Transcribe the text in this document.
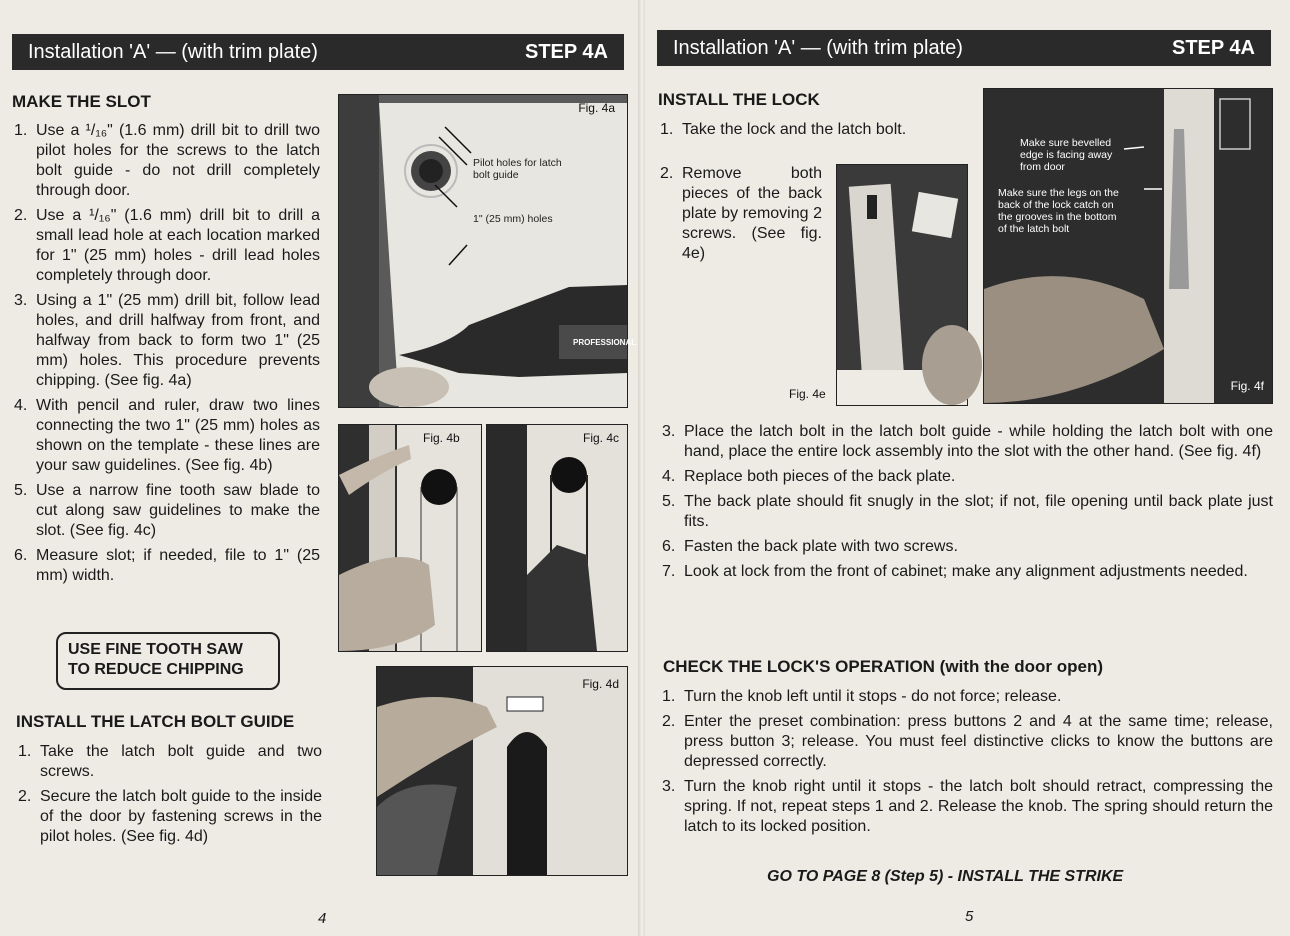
Installation 'A' — (with trim plate)	STEP 4A
MAKE THE SLOT
1. Use a ¹/₁₆" (1.6 mm) drill bit to drill two pilot holes for the screws to the latch bolt guide - do not drill completely through door.
2. Use a ¹/₁₆" (1.6 mm) drill bit to drill a small lead hole at each location marked for 1" (25 mm) holes - drill lead holes completely through door.
3. Using a 1" (25 mm) drill bit, follow lead holes, and drill halfway from front, and halfway from back to form two 1" (25 mm) holes. This procedure prevents chipping. (See fig. 4a)
4. With pencil and ruler, draw two lines connecting the two 1" (25 mm) holes as shown on the template - these lines are your saw guidelines. (See fig. 4b)
5. Use a narrow fine tooth saw blade to cut along saw guidelines to make the slot. (See fig. 4c)
6. Measure slot; if needed, file to 1" (25 mm) width.
USE FINE TOOTH SAW
TO REDUCE CHIPPING
INSTALL THE LATCH BOLT GUIDE
1. Take the latch bolt guide and two screws.
2. Secure the latch bolt guide to the inside of the door by fastening screws in the pilot holes. (See fig. 4d)
Fig. 4a
Pilot holes for latch bolt guide
1" (25 mm) holes
PROFESSIONAL
Fig. 4b	Fig. 4c
Fig. 4d
4
Installation 'A' — (with trim plate)	STEP 4A
INSTALL THE LOCK
1. Take the lock and the latch bolt.
2. Remove both pieces of the back plate by removing 2 screws. (See fig. 4e)
Fig. 4e
Make sure bevelled edge is facing away from door
Make sure the legs on the back of the lock catch on the grooves in the bottom of the latch bolt
Fig. 4f
3. Place the latch bolt in the latch bolt guide - while holding the latch bolt with one hand, place the entire lock assembly into the slot with the other hand. (See fig. 4f)
4. Replace both pieces of the back plate.
5. The back plate should fit snugly in the slot; if not, file opening until back plate just fits.
6. Fasten the back plate with two screws.
7. Look at lock from the front of cabinet; make any alignment adjustments needed.
CHECK THE LOCK'S OPERATION (with the door open)
1. Turn the knob left until it stops - do not force; release.
2. Enter the preset combination: press buttons 2 and 4 at the same time; release, press button 3; release. You must feel distinctive clicks to know the buttons are depressed correctly.
3. Turn the knob right until it stops - the latch bolt should retract, compressing the spring. If not, repeat steps 1 and 2. Release the knob. The spring should return the latch to its locked position.
GO TO PAGE 8 (Step 5) - INSTALL THE STRIKE
5
